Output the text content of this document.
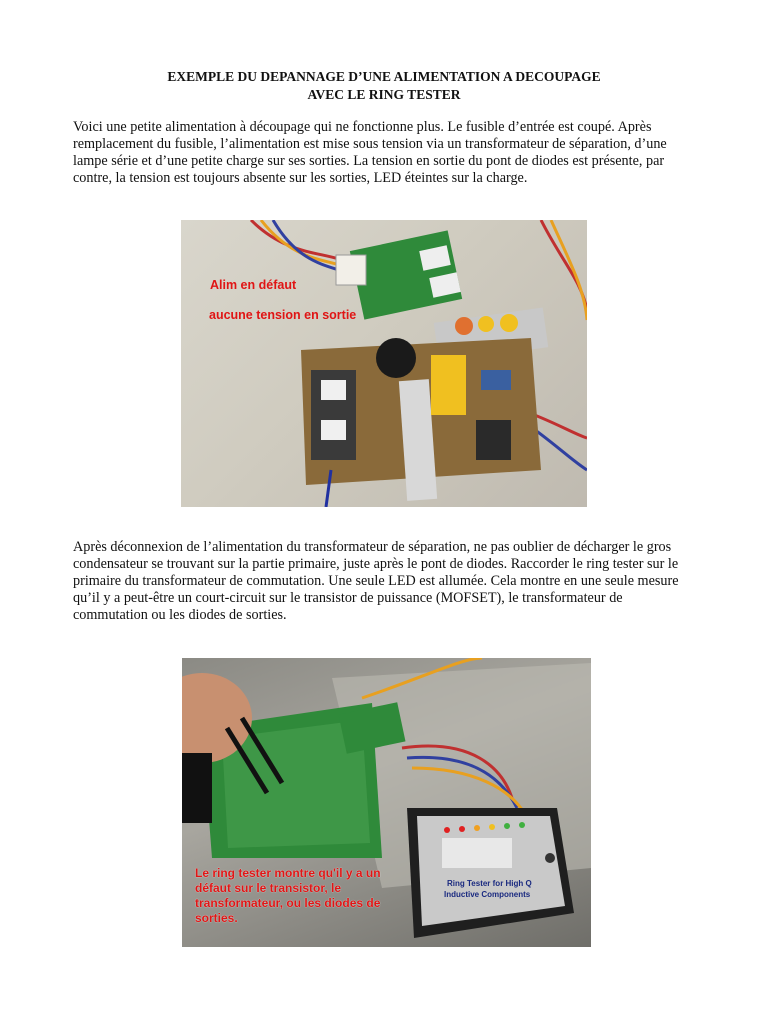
EXEMPLE DU DEPANNAGE D’UNE ALIMENTATION A DECOUPAGE
AVEC LE RING TESTER

Voici une petite alimentation à découpage qui ne fonctionne plus. Le fusible d’entrée est coupé. Après remplacement du fusible, l’alimentation est mise sous tension via un transformateur de séparation, d’une lampe série et d’une petite charge sur ses sorties. La tension en sortie du pont de diodes est présente, par contre, la tension est toujours absente sur les sorties, LED éteintes sur la charge.

Alim en défaut
aucune tension en sortie

Après déconnexion de l’alimentation du transformateur de séparation, ne pas oublier de décharger le gros condensateur se trouvant sur la partie primaire, juste après le pont de diodes. Raccorder le ring tester sur le primaire du transformateur de commutation. Une seule LED est allumée. Cela montre en une seule mesure qu’il y a peut-être un court-circuit sur le transistor de puissance (MOFSET), le transformateur de commutation ou les diodes de sorties.

Ring Tester for High Q
Inductive Components
Le ring tester montre qu'il y a un défaut sur le transistor, le transformateur, ou les diodes de sorties.
